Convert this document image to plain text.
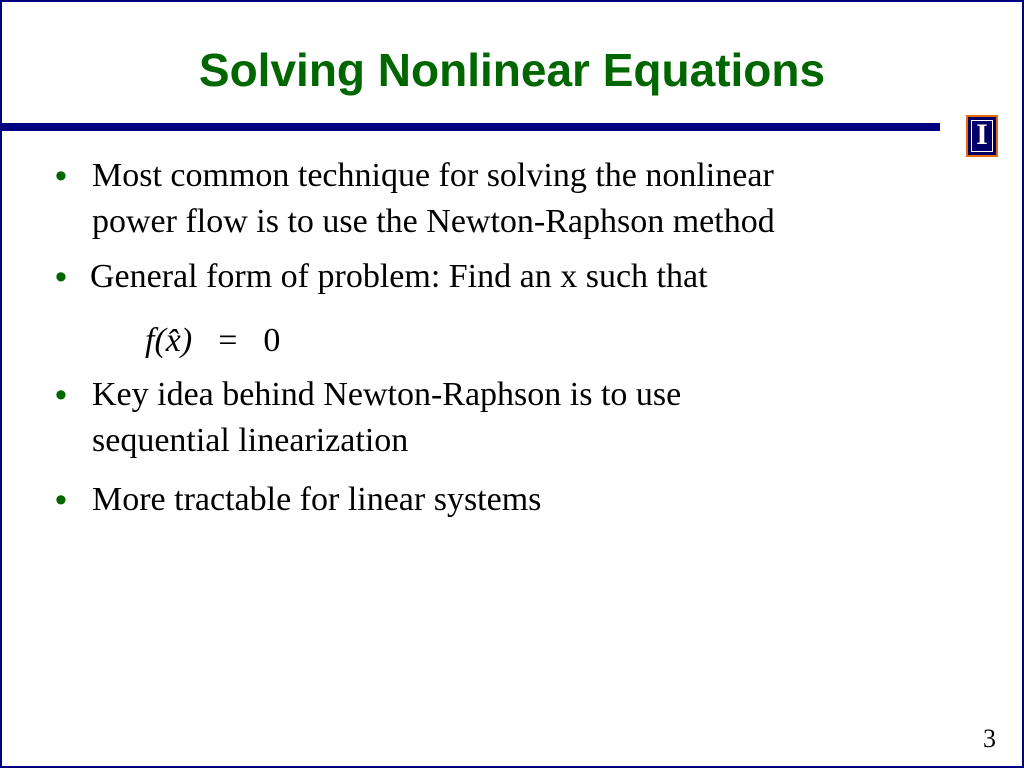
Solving Nonlinear Equations
I
• Most common technique for solving the nonlinear
power flow is to use the Newton-Raphson method
• General form of problem: Find an x such that
f(x̂) = 0
• Key idea behind Newton-Raphson is to use
sequential linearization
• More tractable for linear systems
3
